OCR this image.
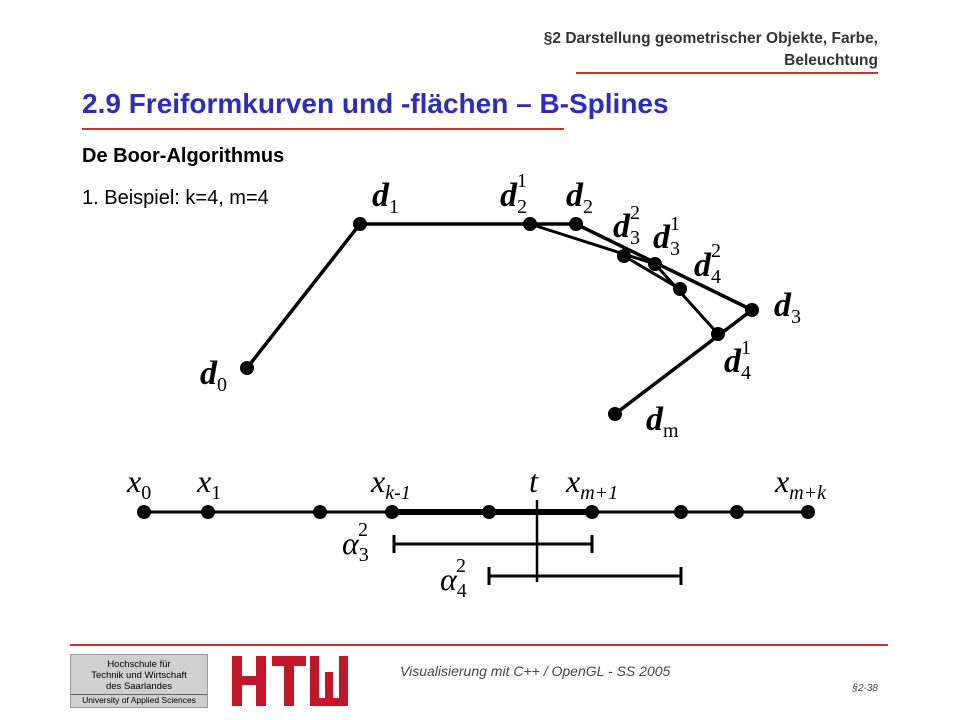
§2 Darstellung geometrischer Objekte, Farbe,
Beleuchtung
2.9 Freiformkurven und -flächen – B-Splines
De Boor-Algorithmus
1. Beispiel: k=4, m=4
$d_0$
$d_1$	$d_2$
1 $d_2$
$d_3$
2
$d_3$
1
$d_4$
2
$d_3$
$d_4$
1
$d_m$
$x_0$ $x_1$	$x_{k-1}$	t $x_{m+1}$	$x_{m+k}$
$\alpha_3$
2
$\alpha_4$
2
Hochschule für
Technik und Wirtschaft
des Saarlandes
University of Applied Sciences
Visualisierung mit C++ / OpenGL - SS 2005
§2-38
